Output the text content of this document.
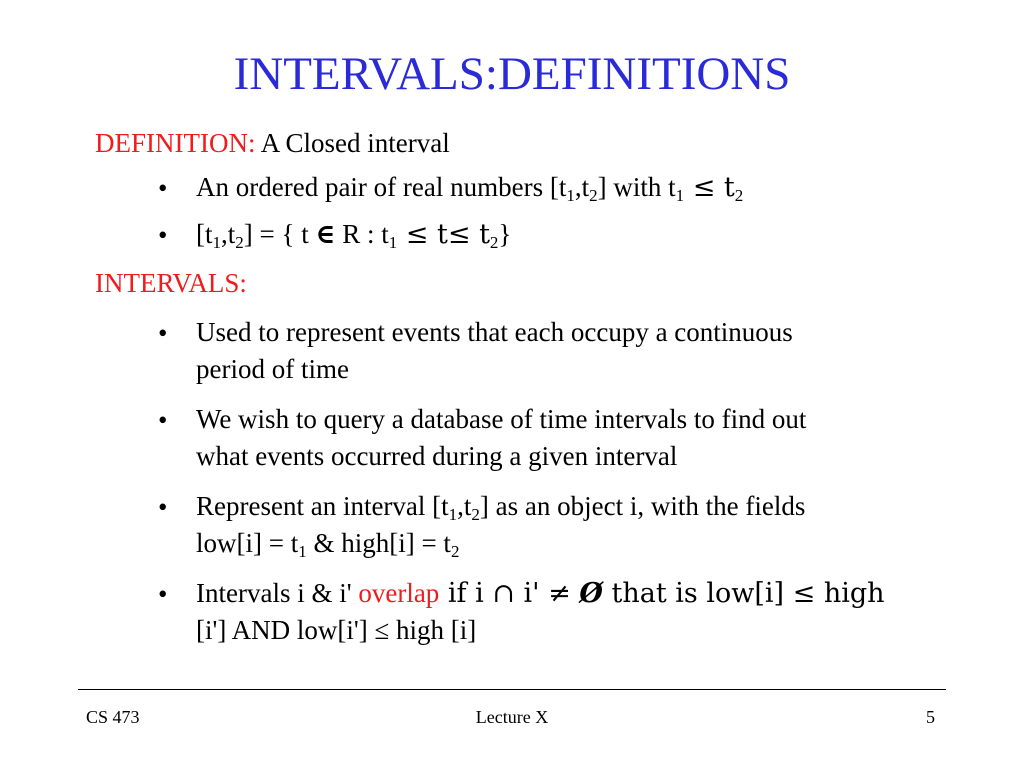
INTERVALS:DEFINITIONS
DEFINITION: A Closed interval
• An ordered pair of real numbers $[t_1,t_2]$ with $t_1 \le t_2$
• $[t_1,t_2]$ = { t ∈ R : $t_1 \le t\le t_2$}
INTERVALS:
• Used to represent events that each occupy a continuous
period of time
• We wish to query a database of time intervals to find out
what events occurred during a given interval
• Represent an interval $[t_1,t_2]$ as an object i, with the fields
$low[i] = t_1$ & high[i] = $t_2$
• Intervals i & i' overlap if i ∩ i' ≠ Ø that is low[i] ≤ high
[i'] AND low[i'] ≤ high [i]
CS 473	Lecture X	5
